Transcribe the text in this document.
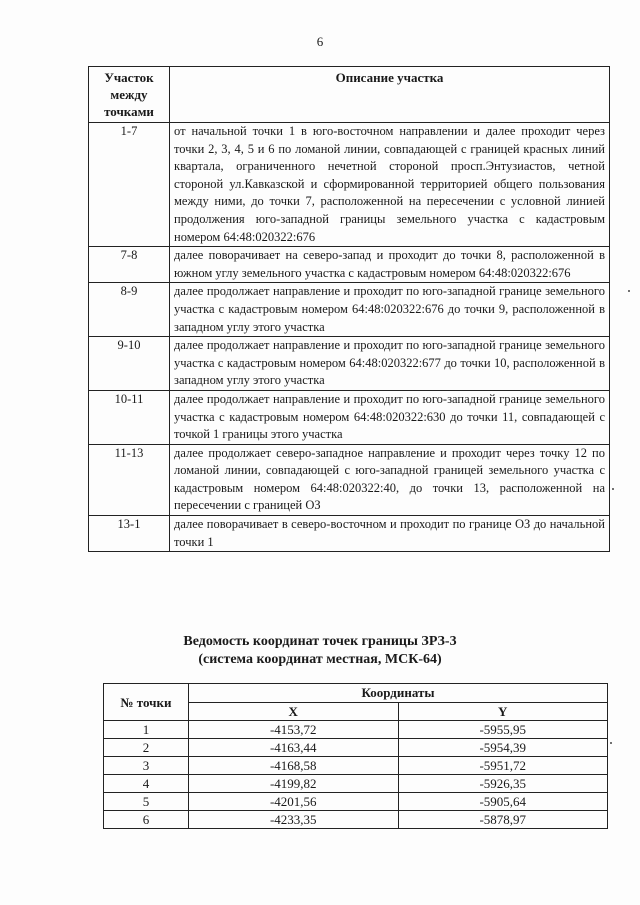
6
Участок между точками	Описание участка
1-7	от начальной точки 1 в юго-восточном направлении и далее проходит через точки 2, 3, 4, 5 и 6 по ломаной линии, совпадающей с границей красных линий квартала, ограниченного нечетной стороной просп.Энтузиастов, четной стороной ул.Кавказской и сформированной территорией общего пользования между ними, до точки 7, расположенной на пересечении с условной линией продолжения юго-западной границы земельного участка с кадастровым номером 64:48:020322:676
7-8	далее поворачивает на северо-запад и проходит до точки 8, расположенной в южном углу земельного участка с кадастровым номером 64:48:020322:676
8-9	далее продолжает направление и проходит по юго-западной границе земельного участка с кадастровым номером 64:48:020322:676 до точки 9, расположенной в западном углу этого участка
9-10	далее продолжает направление и проходит по юго-западной границе земельного участка с кадастровым номером 64:48:020322:677 до точки 10, расположенной в западном углу этого участка
10-11	далее продолжает направление и проходит по юго-западной границе земельного участка с кадастровым номером 64:48:020322:630 до точки 11, совпадающей с точкой 1 границы этого участка
11-13	далее продолжает северо-западное направление и проходит через точку 12 по ломаной линии, совпадающей с юго-западной границей земельного участка с кадастровым номером 64:48:020322:40, до точки 13, расположенной на пересечении с границей ОЗ
13-1	далее поворачивает в северо-восточном и проходит по границе ОЗ до начальной точки 1
Ведомость координат точек границы ЗРЗ-3
(система координат местная, МСК-64)
№ точки	Координаты	
	X	Y
1	-4153,72	-5955,95
2	-4163,44	-5954,39
3	-4168,58	-5951,72
4	-4199,82	-5926,35
5	-4201,56	-5905,64
6	-4233,35	-5878,97
